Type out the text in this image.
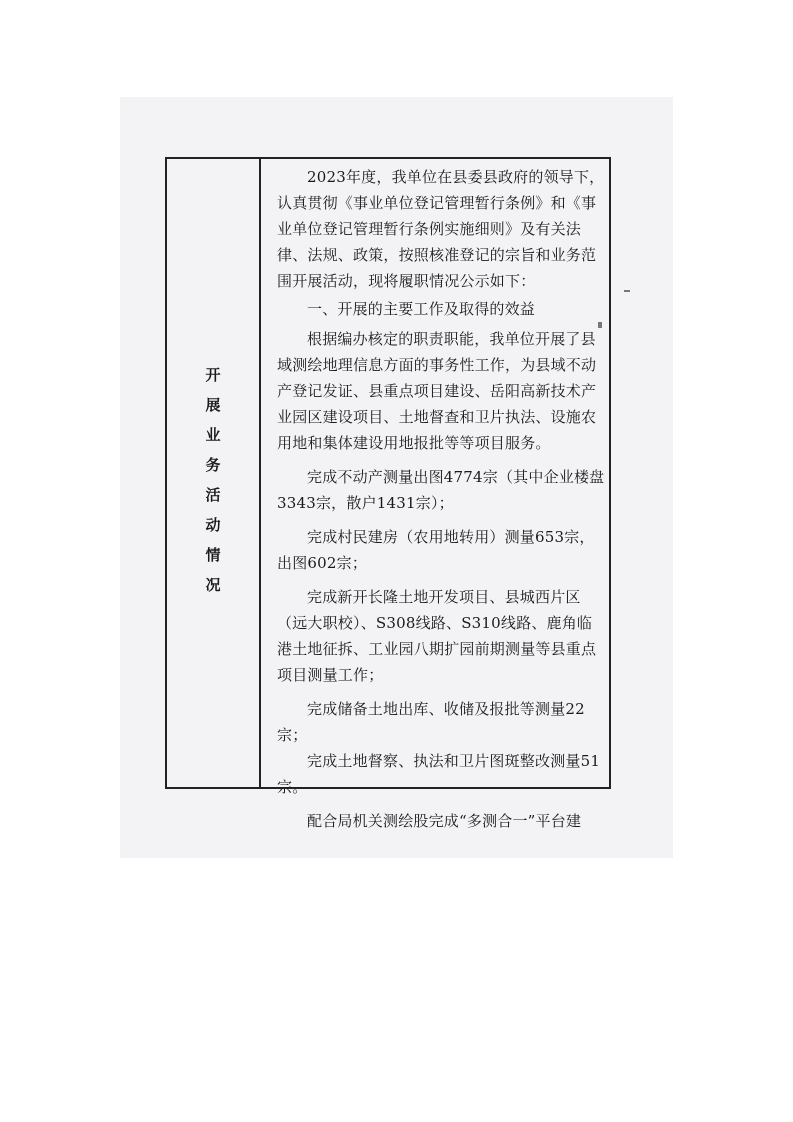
开
展
业
务
活
动
情
况

2023年度，我单位在县委县政府的领导下，认真贯彻《事业单位登记管理暂行条例》和《事业单位登记管理暂行条例实施细则》及有关法律、法规、政策，按照核准登记的宗旨和业务范围开展活动，现将履职情况公示如下：

一、开展的主要工作及取得的效益

根据编办核定的职责职能，我单位开展了县域测绘地理信息方面的事务性工作，为县域不动产登记发证、县重点项目建设、岳阳高新技术产业园区建设项目、土地督查和卫片执法、设施农用地和集体建设用地报批等等项目服务。

完成不动产测量出图4774宗（其中企业楼盘3343宗，散户1431宗）；

完成村民建房（农用地转用）测量653宗，出图602宗；

完成新开长隆土地开发项目、县城西片区（远大职校）、S308线路、S310线路、鹿角临港土地征拆、工业园八期扩园前期测量等县重点项目测量工作；

完成储备土地出库、收储及报批等测量22宗；

完成土地督察、执法和卫片图斑整改测量51宗。

配合局机关测绘股完成“多测合一”平台建
